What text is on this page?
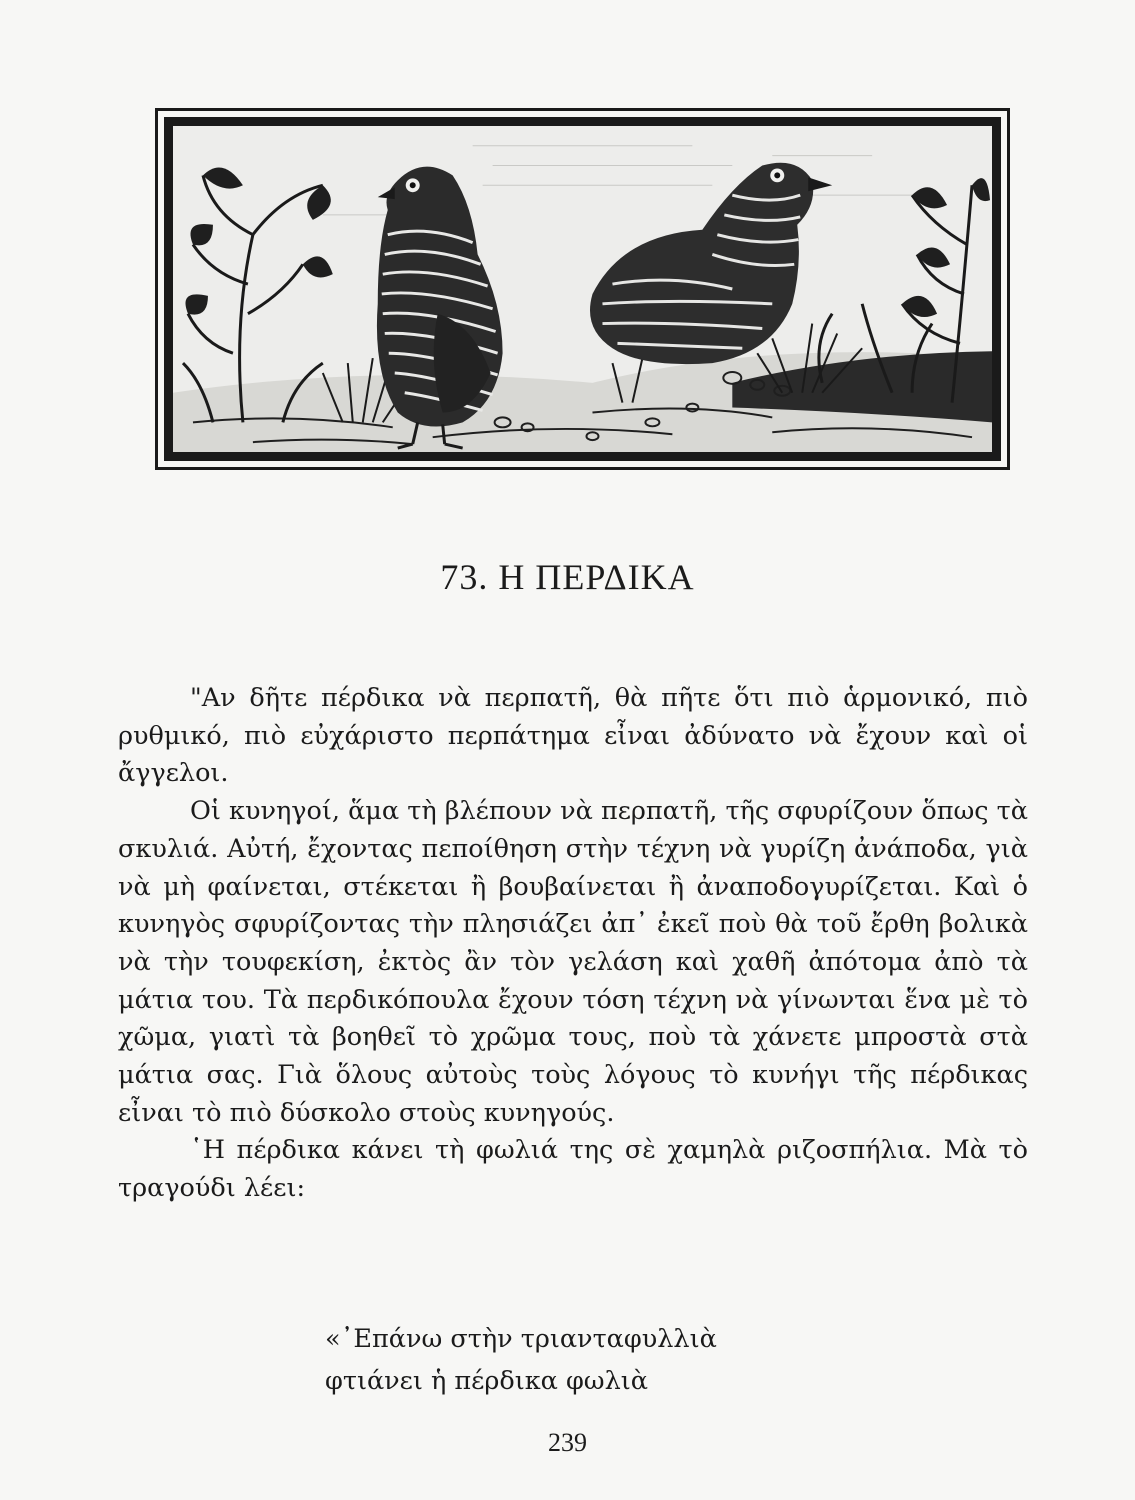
73. Η ΠΕΡΔΙΚΑ

"Αν δῆτε πέρδικα νὰ περπατῆ, θὰ πῆτε ὅτι πιὸ ἁρμονικό, πιὸ ρυθμικό, πιὸ εὐχάριστο περπάτημα εἶναι ἀδύνατο νὰ ἔχουν καὶ οἱ ἄγγελοι.

Οἱ κυνηγοί, ἅμα τὴ βλέπουν νὰ περπατῆ, τῆς σφυρίζουν ὅπως τὰ σκυλιά. Αὐτή, ἔχοντας πεποίθηση στὴν τέχνη νὰ γυρίζη ἀνάποδα, γιὰ νὰ μὴ φαίνεται, στέκεται ἢ βουβαίνεται ἢ ἀναποδογυρίζεται. Καὶ ὁ κυνηγὸς σφυρίζοντας τὴν πλησιάζει ἀπ᾽ ἐκεῖ ποὺ θὰ τοῦ ἔρθη βολικὰ νὰ τὴν τουφεκίση, ἐκτὸς ἂν τὸν γελάση καὶ χαθῆ ἀπότομα ἀπὸ τὰ μάτια του. Τὰ περδικόπουλα ἔχουν τόση τέχνη νὰ γίνωνται ἕνα μὲ τὸ χῶμα, γιατὶ τὰ βοηθεῖ τὸ χρῶμα τους, ποὺ τὰ χάνετε μπροστὰ στὰ μάτια σας. Γιὰ ὅλους αὐτοὺς τοὺς λόγους τὸ κυνήγι τῆς πέρδικας εἶναι τὸ πιὸ δύσκολο στοὺς κυνηγούς.

῾Η πέρδικα κάνει τὴ φωλιά της σὲ χαμηλὰ ριζοσπήλια. Μὰ τὸ τραγούδι λέει:

«᾿Επάνω στὴν τριανταφυλλιὰ
φτιάνει ἡ πέρδικα φωλιὰ
239
